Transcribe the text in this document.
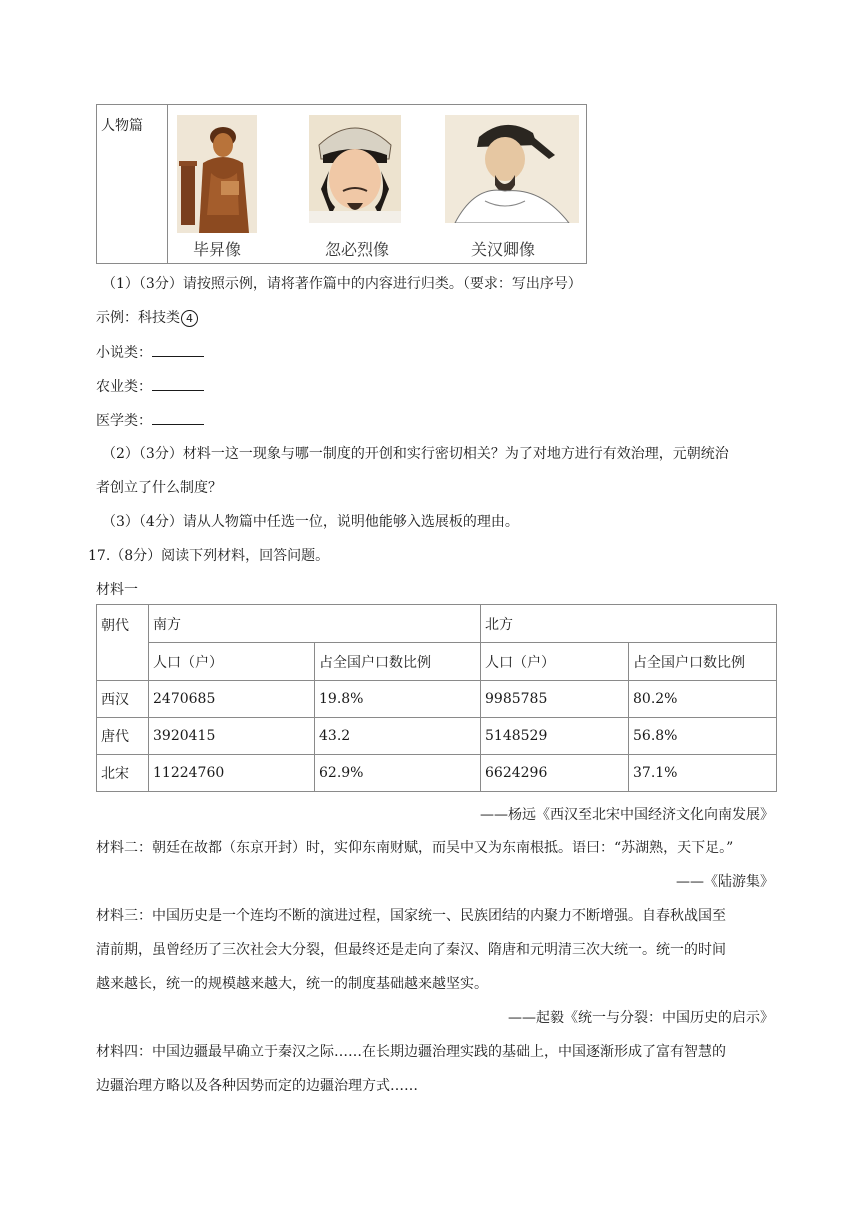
人物篇
毕昇像	忽必烈像	关汉卿像
（1）（3分）请按照示例，请将著作篇中的内容进行归类。（要求：写出序号）
示例：科技类 4
小说类：
农业类：
医学类：
（2）（3分）材料一这一现象与哪一制度的开创和实行密切相关？为了对地方进行有效治理，元朝统治
者创立了什么制度？
（3）（4分）请从人物篇中任选一位，说明他能够入选展板的理由。
17.（8分）阅读下列材料，回答问题。
材料一
朝代	南方		北方	
	人口（户）	占全国户口数比例	人口（户）	占全国户口数比例
西汉	2470685	19.8%	9985785	80.2%
唐代	3920415	43.2	5148529	56.8%
北宋	11224760	62.9%	6624296	37.1%
——杨远《西汉至北宋中国经济文化向南发展》
材料二：朝廷在故都（东京开封）时，实仰东南财赋，而吴中又为东南根抵。语曰：“苏湖熟，天下足。”
——《陆游集》
材料三：中国历史是一个连均不断的演进过程，国家统一、民族团结的内聚力不断增强。自春秋战国至
清前期，虽曾经历了三次社会大分裂，但最终还是走向了秦汉、隋唐和元明清三次大统一。统一的时间
越来越长，统一的规模越来越大，统一的制度基础越来越坚实。
——起毅《统一与分裂：中国历史的启示》
材料四：中国边疆最早确立于秦汉之际……在长期边疆治理实践的基础上，中国逐渐形成了富有智慧的
边疆治理方略以及各种因势而定的边疆治理方式……
